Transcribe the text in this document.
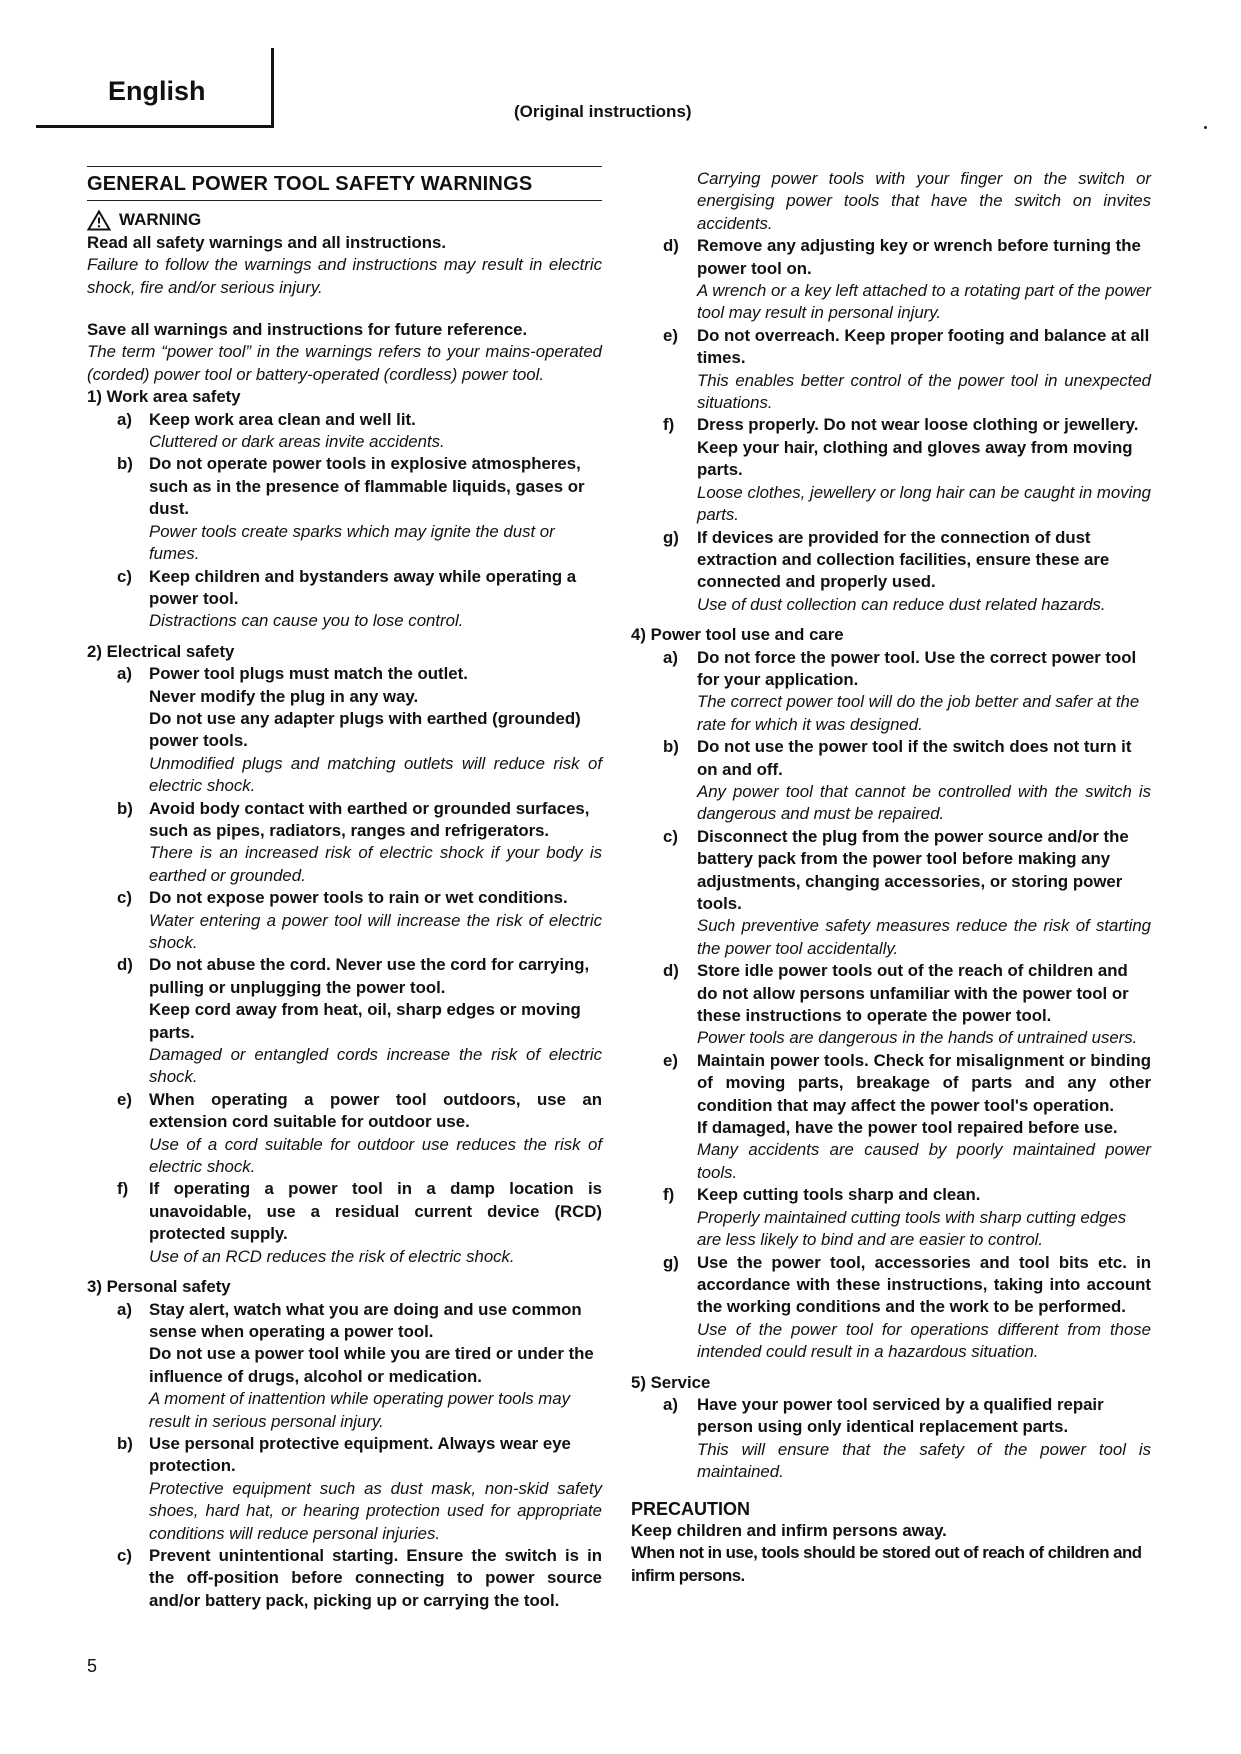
English
(Original instructions)
GENERAL POWER TOOL SAFETY WARNINGS
WARNING

Read all safety warnings and all instructions.

Failure to follow the warnings and instructions may result in electric shock, fire and/or serious injury.

Save all warnings and instructions for future reference.

The term “power tool” in the warnings refers to your mains-operated (corded) power tool or battery-operated (cordless) power tool.

1) Work area safety

a) Keep work area clean and well lit.

Cluttered or dark areas invite accidents.

b) Do not operate power tools in explosive atmospheres, such as in the presence of flammable liquids, gases or dust.

Power tools create sparks which may ignite the dust or fumes.

c) Keep children and bystanders away while operating a power tool.

Distractions can cause you to lose control.

2) Electrical safety

a) Power tool plugs must match the outlet.

Never modify the plug in any way.

Do not use any adapter plugs with earthed (grounded) power tools.

Unmodified plugs and matching outlets will reduce risk of electric shock.

b) Avoid body contact with earthed or grounded surfaces, such as pipes, radiators, ranges and refrigerators.

There is an increased risk of electric shock if your body is earthed or grounded.

c) Do not expose power tools to rain or wet conditions.

Water entering a power tool will increase the risk of electric shock.

d) Do not abuse the cord. Never use the cord for carrying, pulling or unplugging the power tool.

Keep cord away from heat, oil, sharp edges or moving parts.

Damaged or entangled cords increase the risk of electric shock.

e) When operating a power tool outdoors, use an extension cord suitable for outdoor use.

Use of a cord suitable for outdoor use reduces the risk of electric shock.

f) If operating a power tool in a damp location is unavoidable, use a residual current device (RCD) protected supply.

Use of an RCD reduces the risk of electric shock.

3) Personal safety

a) Stay alert, watch what you are doing and use common sense when operating a power tool.

Do not use a power tool while you are tired or under the influence of drugs, alcohol or medication.

A moment of inattention while operating power tools may result in serious personal injury.

b) Use personal protective equipment. Always wear eye protection.

Protective equipment such as dust mask, non-skid safety shoes, hard hat, or hearing protection used for appropriate conditions will reduce personal injuries.

c) Prevent unintentional starting. Ensure the switch is in the off-position before connecting to power source and/or battery pack, picking up or carrying the tool.

Carrying power tools with your finger on the switch or energising power tools that have the switch on invites accidents.

d) Remove any adjusting key or wrench before turning the power tool on.

A wrench or a key left attached to a rotating part of the power tool may result in personal injury.

e) Do not overreach. Keep proper footing and balance at all times.

This enables better control of the power tool in unexpected situations.

f) Dress properly. Do not wear loose clothing or jewellery. Keep your hair, clothing and gloves away from moving parts.

Loose clothes, jewellery or long hair can be caught in moving parts.

g) If devices are provided for the connection of dust extraction and collection facilities, ensure these are connected and properly used.

Use of dust collection can reduce dust related hazards.

4) Power tool use and care

a) Do not force the power tool. Use the correct power tool for your application.

The correct power tool will do the job better and safer at the rate for which it was designed.

b) Do not use the power tool if the switch does not turn it on and off.

Any power tool that cannot be controlled with the switch is dangerous and must be repaired.

c) Disconnect the plug from the power source and/or the battery pack from the power tool before making any adjustments, changing accessories, or storing power tools.

Such preventive safety measures reduce the risk of starting the power tool accidentally.

d) Store idle power tools out of the reach of children and do not allow persons unfamiliar with the power tool or these instructions to operate the power tool.

Power tools are dangerous in the hands of untrained users.

e) Maintain power tools. Check for misalignment or binding of moving parts, breakage of parts and any other condition that may affect the power tool's operation.

If damaged, have the power tool repaired before use.

Many accidents are caused by poorly maintained power tools.

f) Keep cutting tools sharp and clean.

Properly maintained cutting tools with sharp cutting edges are less likely to bind and are easier to control.

g) Use the power tool, accessories and tool bits etc. in accordance with these instructions, taking into account the working conditions and the work to be performed.

Use of the power tool for operations different from those intended could result in a hazardous situation.

5) Service

a) Have your power tool serviced by a qualified repair person using only identical replacement parts.

This will ensure that the safety of the power tool is maintained.

PRECAUTION

Keep children and infirm persons away.

When not in use, tools should be stored out of reach of children and infirm persons.

5
